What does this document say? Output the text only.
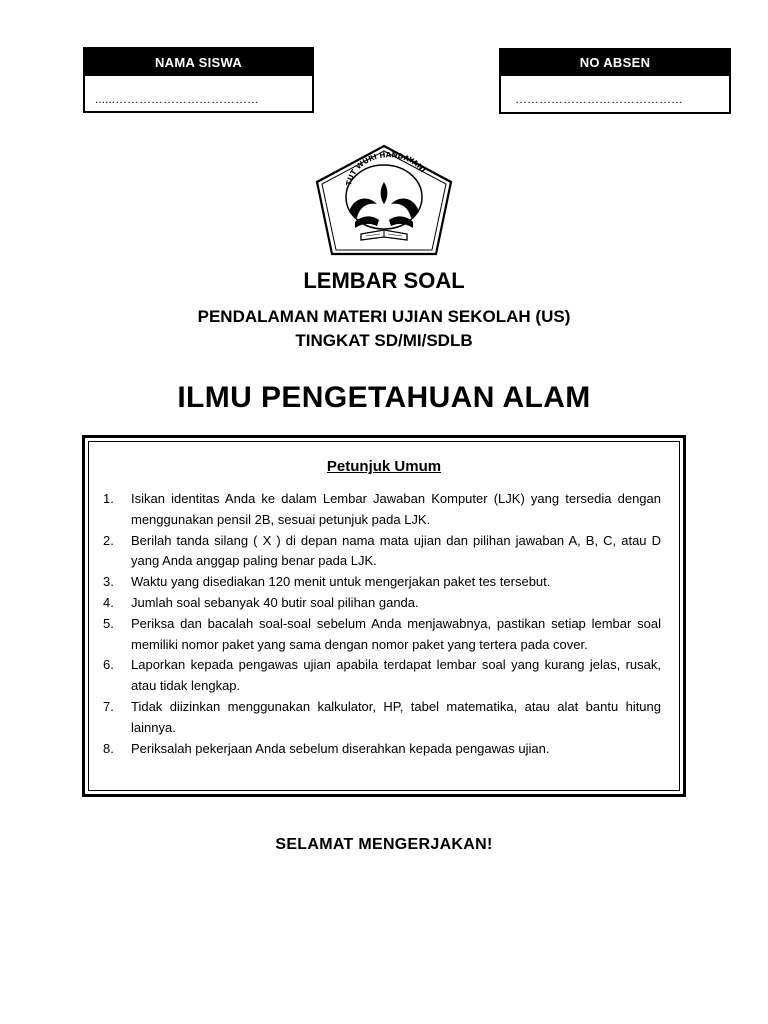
NAMA SISWA
......………………………………
NO ABSEN
……………………………………
TUT WURI HANDAYANI
LEMBAR SOAL
PENDALAMAN MATERI UJIAN SEKOLAH (US)
TINGKAT SD/MI/SDLB
ILMU PENGETAHUAN ALAM
Petunjuk Umum
1.	Isikan identitas Anda ke dalam Lembar Jawaban Komputer (LJK) yang tersedia dengan menggunakan pensil 2B, sesuai petunjuk pada LJK.
2.	Berilah tanda silang ( X ) di depan nama mata ujian dan pilihan jawaban A, B, C, atau D yang Anda anggap paling benar pada LJK.
3.	Waktu yang disediakan 120 menit untuk mengerjakan paket tes tersebut.
4.	Jumlah soal sebanyak 40 butir soal pilihan ganda.
5.	Periksa dan bacalah soal-soal sebelum Anda menjawabnya, pastikan setiap lembar soal memiliki nomor paket yang sama dengan nomor paket yang tertera pada cover.
6.	Laporkan kepada pengawas ujian apabila terdapat lembar soal yang kurang jelas, rusak, atau tidak lengkap.
7.	Tidak diizinkan menggunakan kalkulator, HP, tabel matematika, atau alat bantu hitung lainnya.
8.	Periksalah pekerjaan Anda sebelum diserahkan kepada pengawas ujian.
SELAMAT MENGERJAKAN!
